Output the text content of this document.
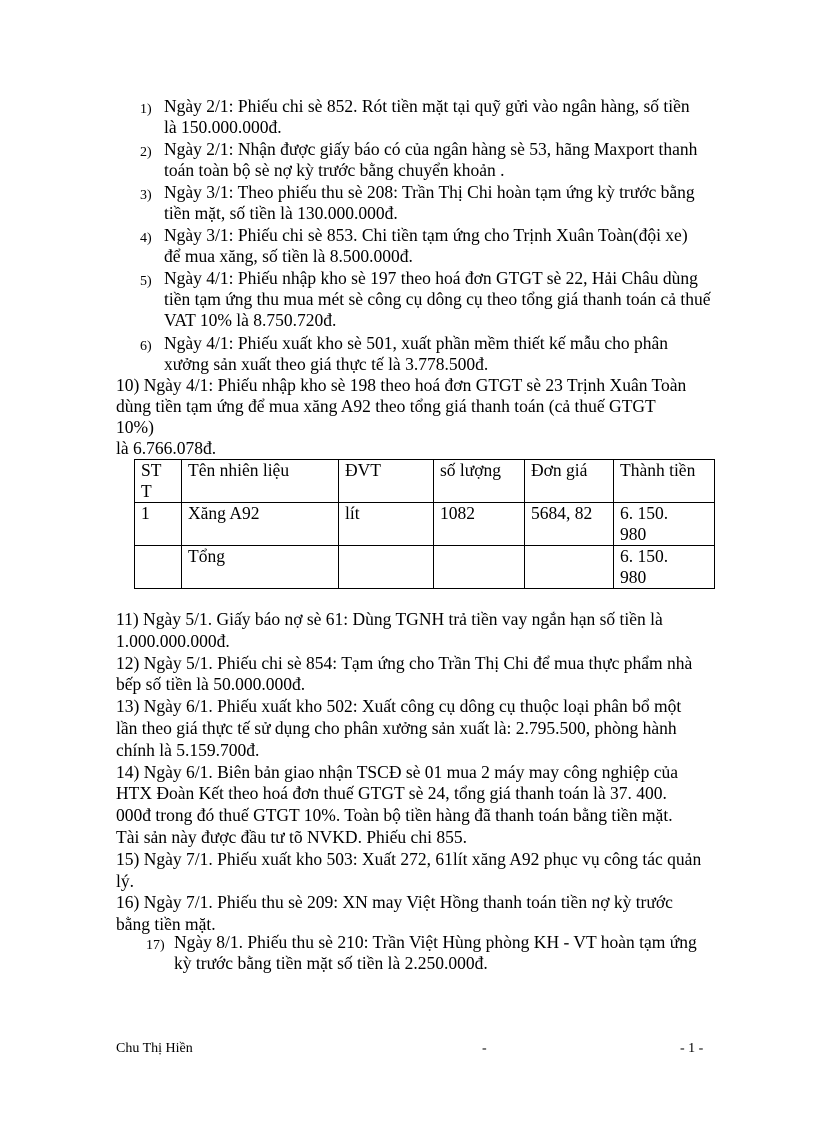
1) Ngày 2/1: Phiếu chi sè 852. Rót tiền mặt tại quỹ gửi vào ngân hàng, số tiền
là 150.000.000đ.
2) Ngày 2/1: Nhận được giấy báo có của ngân hàng sè 53, hãng Maxport thanh
toán toàn bộ sè nợ kỳ trước bằng chuyển khoản .
3) Ngày 3/1: Theo phiếu thu sè 208: Trần Thị Chi hoàn tạm ứng kỳ trước bằng
tiền mặt, số tiền là 130.000.000đ.
4) Ngày 3/1: Phiếu chi sè 853. Chi tiền tạm ứng cho Trịnh Xuân Toàn(đội xe)
để mua xăng, số tiền là 8.500.000đ.
5) Ngày 4/1: Phiếu nhập kho sè 197 theo hoá đơn GTGT sè 22, Hải Châu dùng
tiền tạm ứng thu mua mét sè công cụ dông cụ theo tổng giá thanh toán cả thuế
VAT 10% là 8.750.720đ.
6) Ngày 4/1: Phiếu xuất kho sè 501, xuất phần mềm thiết kế mẫu cho phân
xưởng sản xuất theo giá thực tế là 3.778.500đ.
10) Ngày 4/1: Phiếu nhập kho sè 198 theo hoá đơn GTGT sè 23 Trịnh Xuân Toàn
dùng tiền tạm ứng để mua xăng A92 theo tổng giá thanh toán (cả thuế GTGT
10%)
là 6.766.078đ.
ST
T	Tên nhiên liệu	ĐVT	số lượng	Đơn giá	Thành tiền
1	Xăng A92	lít	1082	5684, 82	6. 150.
980
	Tổng				6. 150.
980
11) Ngày 5/1. Giấy báo nợ sè 61: Dùng TGNH trả tiền vay ngắn hạn số tiền là
1.000.000.000đ.
12) Ngày 5/1. Phiếu chi sè 854: Tạm ứng cho Trần Thị Chi để mua thực phẩm nhà
bếp số tiền là 50.000.000đ.
13) Ngày 6/1. Phiếu xuất kho 502: Xuất công cụ dông cụ thuộc loại phân bổ một
lần theo giá thực tế sử dụng cho phân xưởng sản xuất là: 2.795.500, phòng hành
chính là 5.159.700đ.
14) Ngày 6/1. Biên bản giao nhận TSCĐ sè 01 mua 2 máy may công nghiệp của
HTX Đoàn Kết theo hoá đơn thuế GTGT sè 24, tổng giá thanh toán là 37. 400.
000đ trong đó thuế GTGT 10%. Toàn bộ tiền hàng đã thanh toán bằng tiền mặt.
Tài sản này được đầu tư tõ NVKD. Phiếu chi 855.
15) Ngày 7/1. Phiếu xuất kho 503: Xuất 272, 61lít xăng A92 phục vụ công tác quản
lý.
16) Ngày 7/1. Phiếu thu sè 209: XN may Việt Hồng thanh toán tiền nợ kỳ trước
bằng tiền mặt.
17) Ngày 8/1. Phiếu thu sè 210: Trần Việt Hùng phòng KH - VT hoàn tạm ứng
kỳ trước bằng tiền mặt số tiền là 2.250.000đ.
Chu Thị Hiền	-	- 1 -
